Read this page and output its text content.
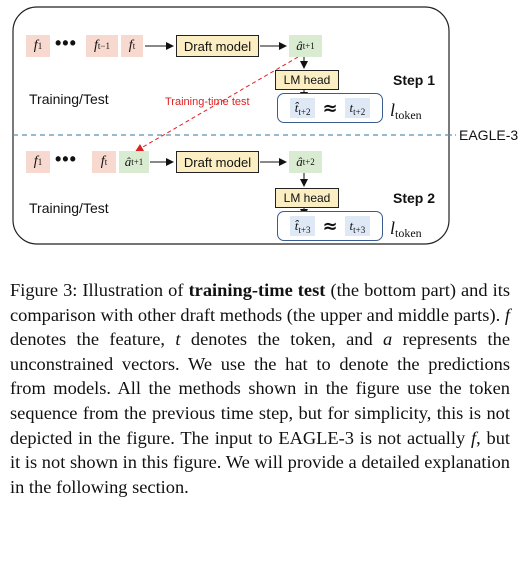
f 1 ••• f t−1 f t	Draft model	â t+1
LM head
$t̂_{t+2} \approx t_{t+2}$
Step 1
$l_{token}$
Training/Test	Training-time test
EAGLE-3
f 1 ••• f t â t+1	Draft model	â t+2
LM head
$t̂_{t+3} \approx t_{t+3}$
Step 2
$l_{token}$
Training/Test
Figure 3: Illustration of training-time test (the bottom part) and its comparison with other draft methods (the upper and middle parts). f denotes the feature, t denotes the token, and a represents the unconstrained vectors. We use the hat to denote the predictions from models. All the methods shown in the figure use the token sequence from the previous time step, but for simplicity, this is not depicted in the figure. The input to EAGLE-3 is not actually f, but it is not shown in this figure. We will provide a detailed explanation in the following section.
